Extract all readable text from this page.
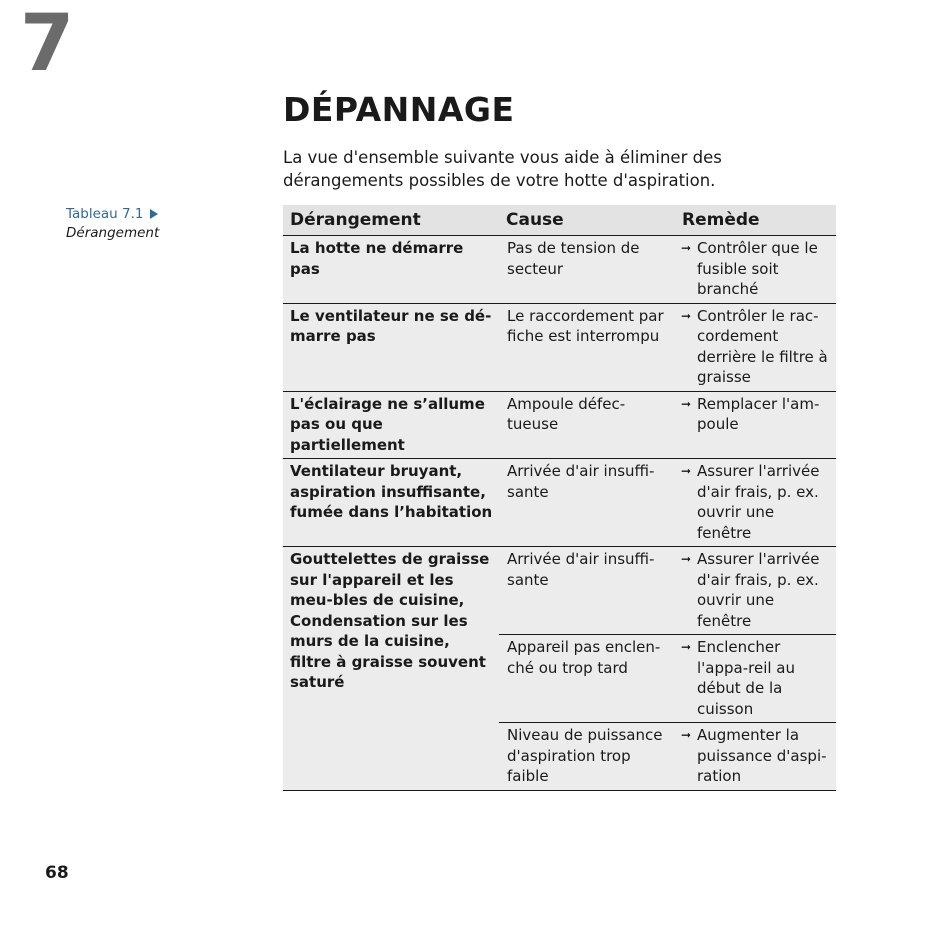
7
DÉPANNAGE

La vue d'ensemble suivante vous aide à éliminer des dérangements possibles de votre hotte d'aspiration.

Tableau 7.1
Dérangement
Dérangement	Cause	Remède
La hotte ne démarre pas	Pas de tension de secteur	➞ Contrôler que le fusible soit branché

Le ventilateur ne se dé-marre pas	Le raccordement par fiche est interrompu	➞ Contrôler le rac-cordement derrière le filtre à graisse

L'éclairage ne s’allume pas ou que partiellement	Ampoule défec-tueuse	➞ Remplacer l'am-poule

Ventilateur bruyant, aspiration insuffisante, fumée dans l’habitation	Arrivée d'air insuffi-sante	➞ Assurer l'arrivée d'air frais, p. ex. ouvrir une fenêtre

Gouttelettes de graisse sur l'appareil et les meu-bles de cuisine, Condensation sur les murs de la cuisine, filtre à graisse souvent saturé	Arrivée d'air insuffi-sante	➞ Assurer l'arrivée d'air frais, p. ex. ouvrir une fenêtre

	Appareil pas enclen-ché ou trop tard	➞ Enclencher l'appa-reil au début de la cuisson

	Niveau de puissance d'aspiration trop faible	➞ Augmenter la puissance d'aspi-ration
68
